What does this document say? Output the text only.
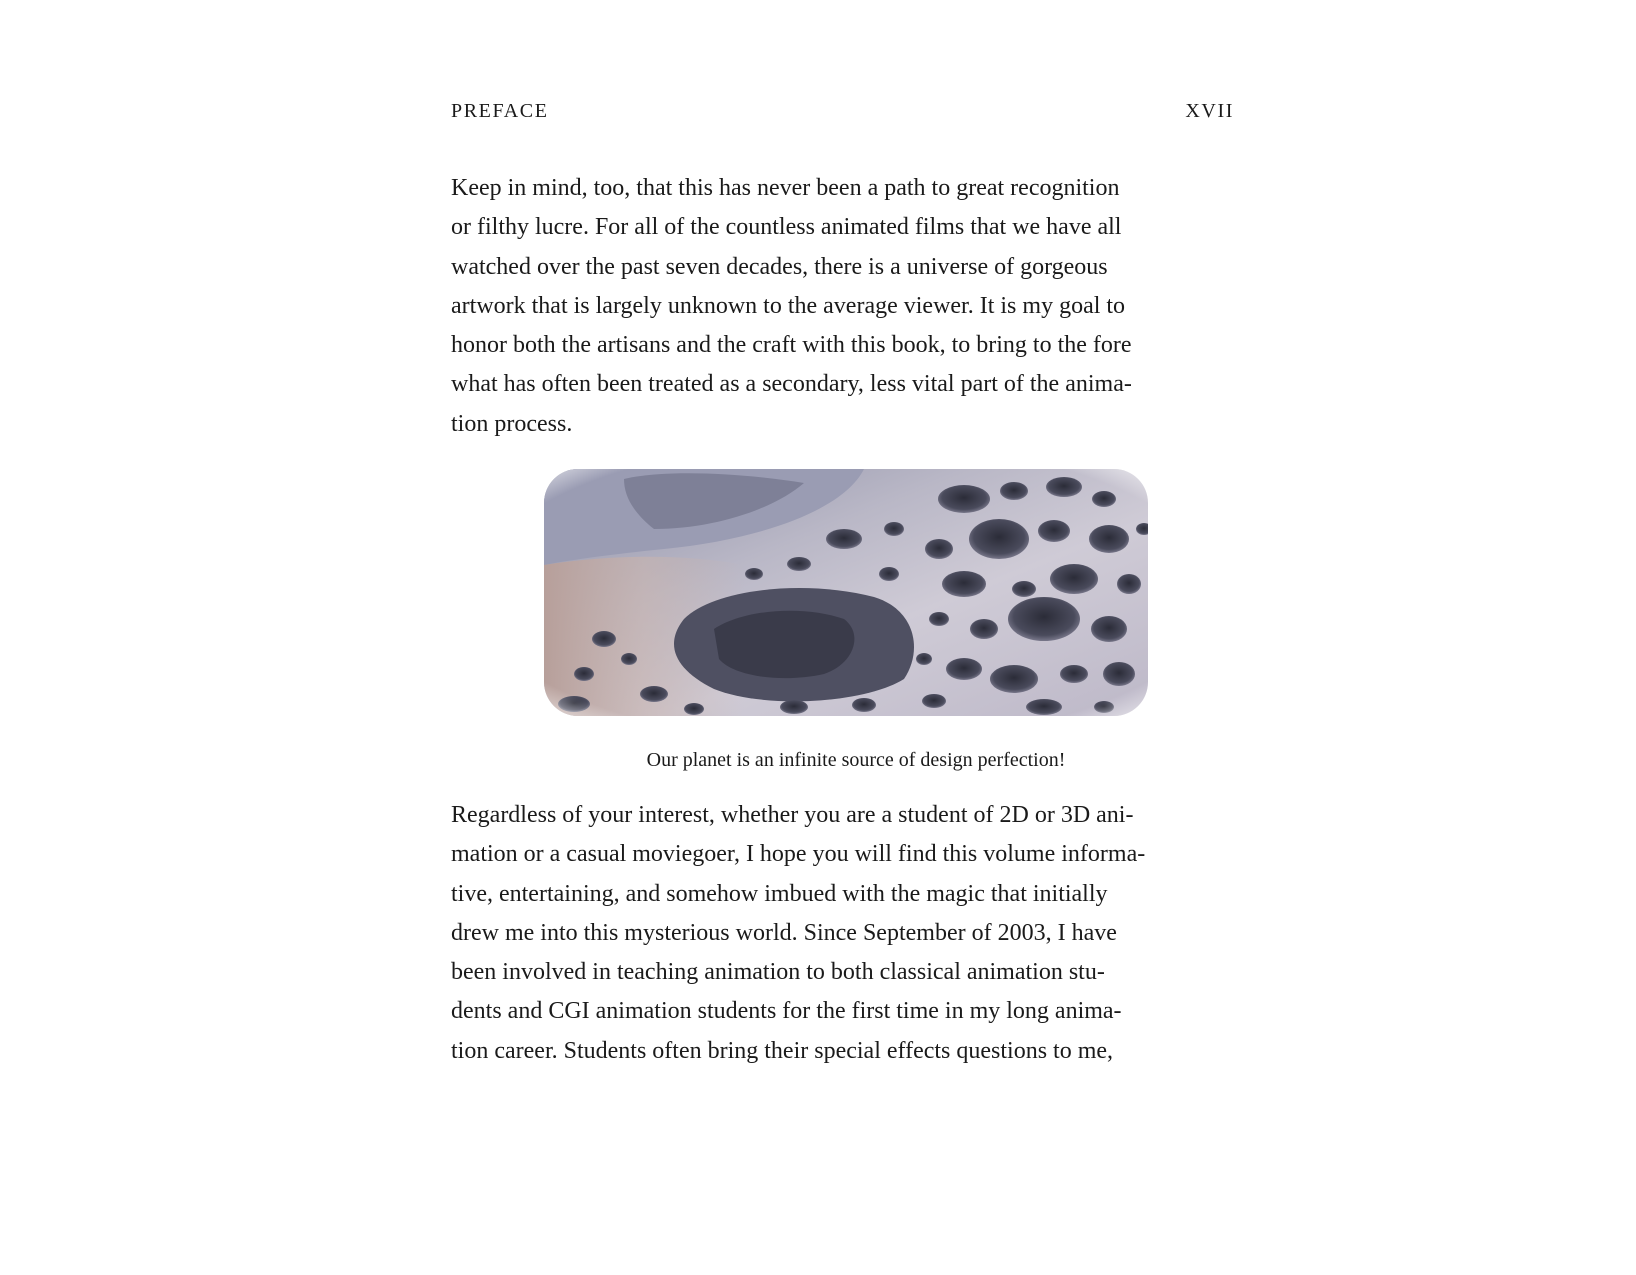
PREFACE	XVII

Keep in mind, too, that this has never been a path to great recognition
or filthy lucre. For all of the countless animated films that we have all
watched over the past seven decades, there is a universe of gorgeous
artwork that is largely unknown to the average viewer. It is my goal to
honor both the artisans and the craft with this book, to bring to the fore
what has often been treated as a secondary, less vital part of the anima-
tion process.

Our planet is an infinite source of design perfection!

Regardless of your interest, whether you are a student of 2D or 3D ani-
mation or a casual moviegoer, I hope you will find this volume informa-
tive, entertaining, and somehow imbued with the magic that initially
drew me into this mysterious world. Since September of 2003, I have
been involved in teaching animation to both classical animation stu-
dents and CGI animation students for the first time in my long anima-
tion career. Students often bring their special effects questions to me,
